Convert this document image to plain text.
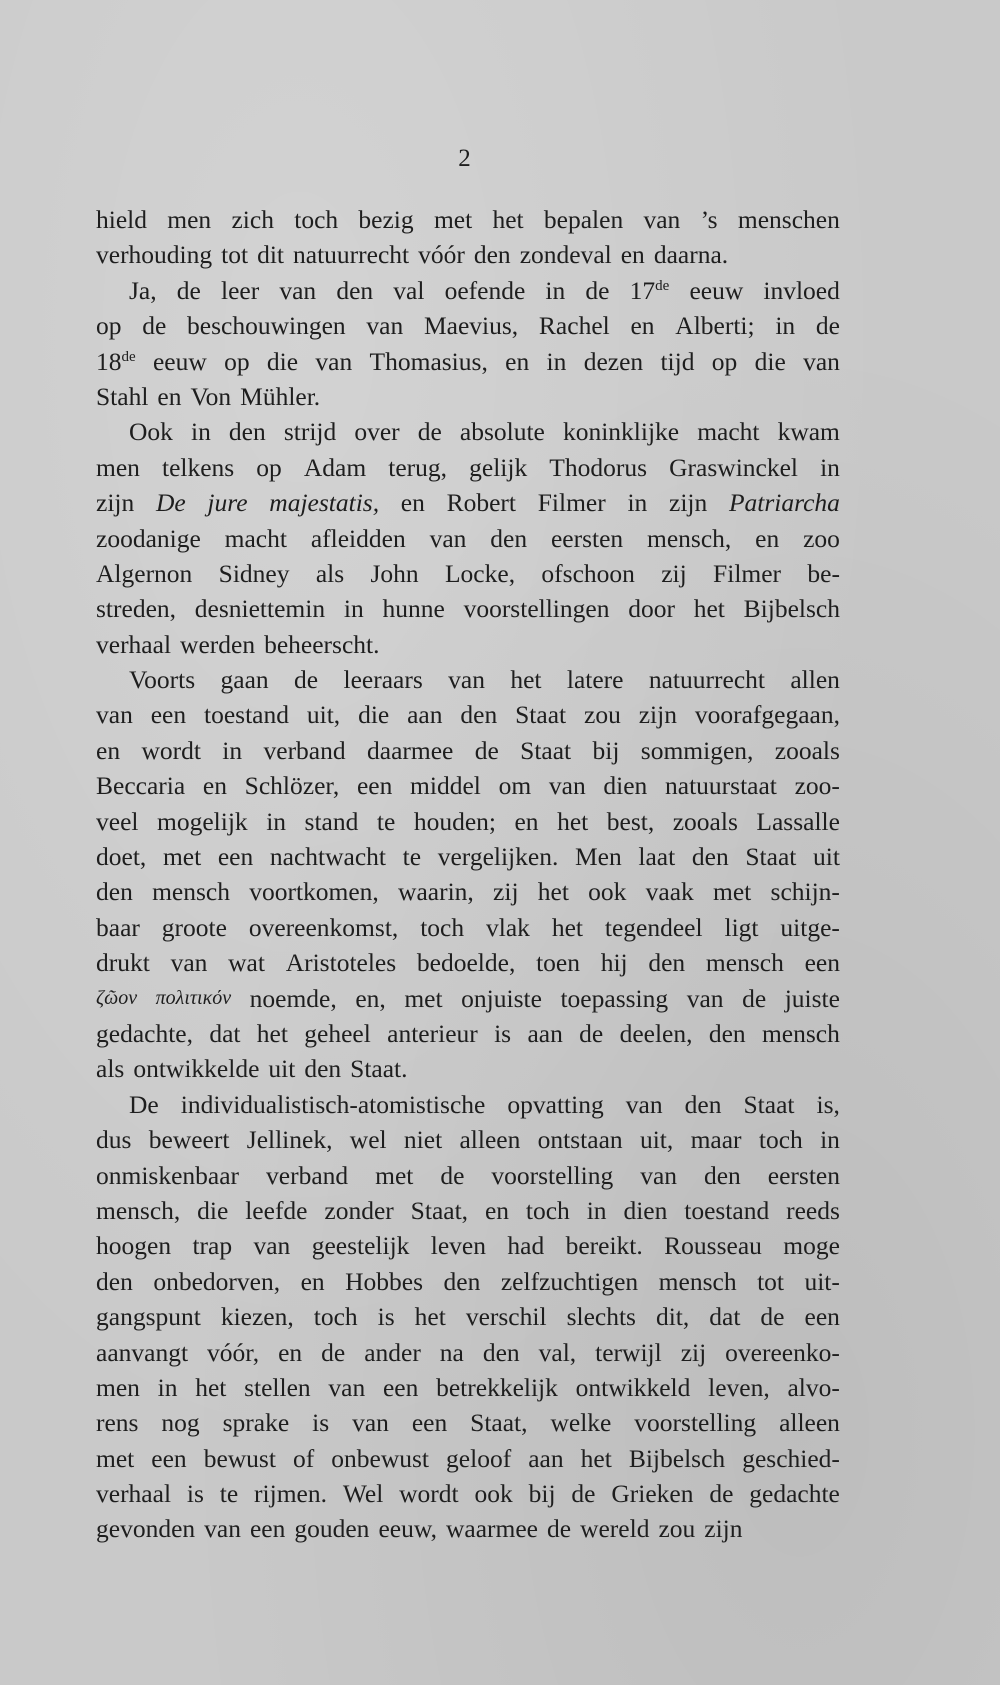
2
hield men zich toch bezig met het bepalen van ’s menschen
verhouding tot dit natuurrecht vóór den zondeval en daarna.
Ja, de leer van den val oefende in de 17de eeuw invloed
op de beschouwingen van Maevius, Rachel en Alberti; in de
18de eeuw op die van Thomasius, en in dezen tijd op die van
Stahl en Von Mühler.
Ook in den strijd over de absolute koninklijke macht kwam
men telkens op Adam terug, gelijk Thodorus Graswinckel in
zijn De jure majestatis, en Robert Filmer in zijn Patriarcha
zoodanige macht afleidden van den eersten mensch, en zoo
Algernon Sidney als John Locke, ofschoon zij Filmer be-
streden, desniettemin in hunne voorstellingen door het Bijbelsch
verhaal werden beheerscht.
Voorts gaan de leeraars van het latere natuurrecht allen
van een toestand uit, die aan den Staat zou zijn voorafgegaan,
en wordt in verband daarmee de Staat bij sommigen, zooals
Beccaria en Schlözer, een middel om van dien natuurstaat zoo-
veel mogelijk in stand te houden; en het best, zooals Lassalle
doet, met een nachtwacht te vergelijken. Men laat den Staat uit
den mensch voortkomen, waarin, zij het ook vaak met schijn-
baar groote overeenkomst, toch vlak het tegendeel ligt uitge-
drukt van wat Aristoteles bedoelde, toen hij den mensch een
ζῶον πολιτικόν noemde, en, met onjuiste toepassing van de juiste
gedachte, dat het geheel anterieur is aan de deelen, den mensch
als ontwikkelde uit den Staat.
De individualistisch-atomistische opvatting van den Staat is,
dus beweert Jellinek, wel niet alleen ontstaan uit, maar toch in
onmiskenbaar verband met de voorstelling van den eersten
mensch, die leefde zonder Staat, en toch in dien toestand reeds
hoogen trap van geestelijk leven had bereikt. Rousseau moge
den onbedorven, en Hobbes den zelfzuchtigen mensch tot uit-
gangspunt kiezen, toch is het verschil slechts dit, dat de een
aanvangt vóór, en de ander na den val, terwijl zij overeenko-
men in het stellen van een betrekkelijk ontwikkeld leven, alvo-
rens nog sprake is van een Staat, welke voorstelling alleen
met een bewust of onbewust geloof aan het Bijbelsch geschied-
verhaal is te rijmen. Wel wordt ook bij de Grieken de gedachte
gevonden van een gouden eeuw, waarmee de wereld zou zijn
